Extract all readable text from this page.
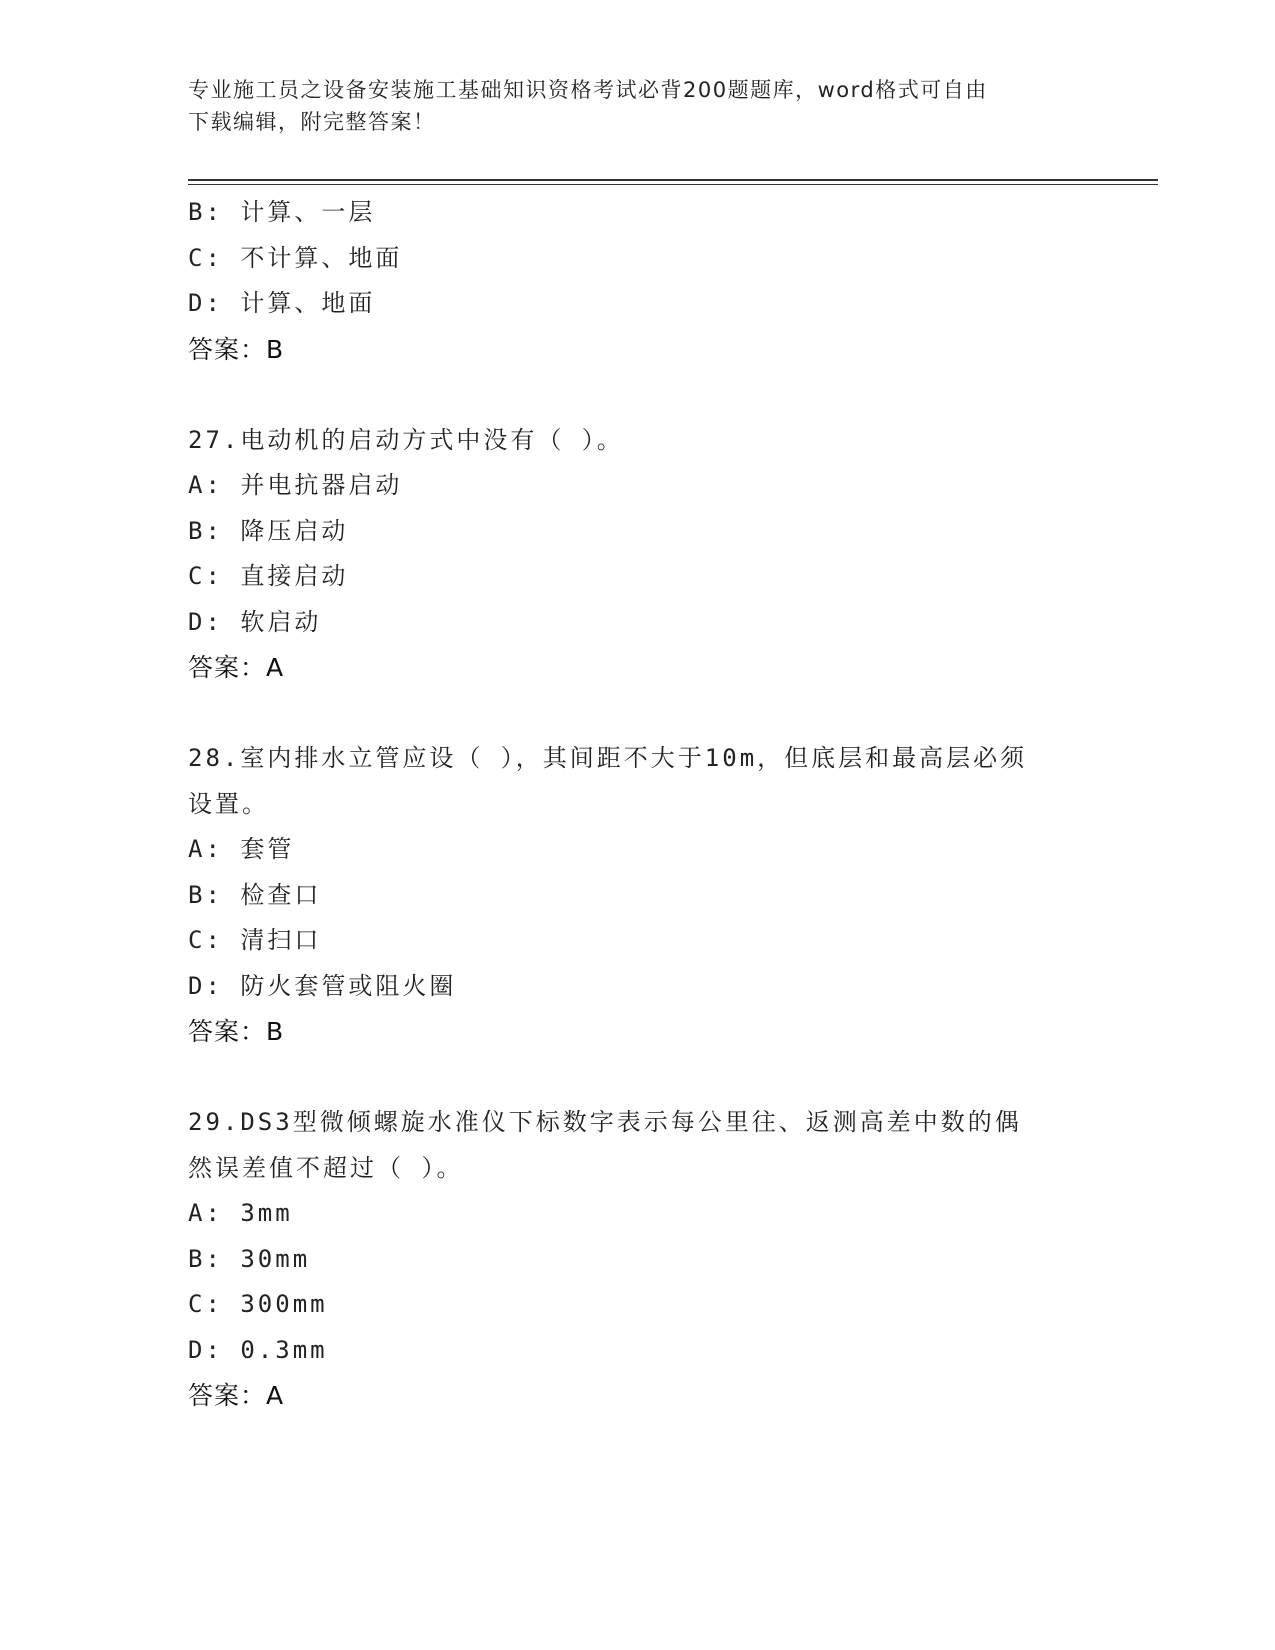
专业施工员之设备安装施工基础知识资格考试必背200题题库，word格式可自由
下载编辑，附完整答案！
B: 计算、一层
C: 不计算、地面
D: 计算、地面
答案：B
27.电动机的启动方式中没有（ ）。
A: 并电抗器启动
B: 降压启动
C: 直接启动
D: 软启动
答案：A
28.室内排水立管应设（ ），其间距不大于10m，但底层和最高层必须
设置。
A: 套管
B: 检查口
C: 清扫口
D: 防火套管或阻火圈
答案：B
29.DS3型微倾螺旋水准仪下标数字表示每公里往、返测高差中数的偶
然误差值不超过（ ）。
A: 3mm
B: 30mm
C: 300mm
D: 0.3mm
答案：A
